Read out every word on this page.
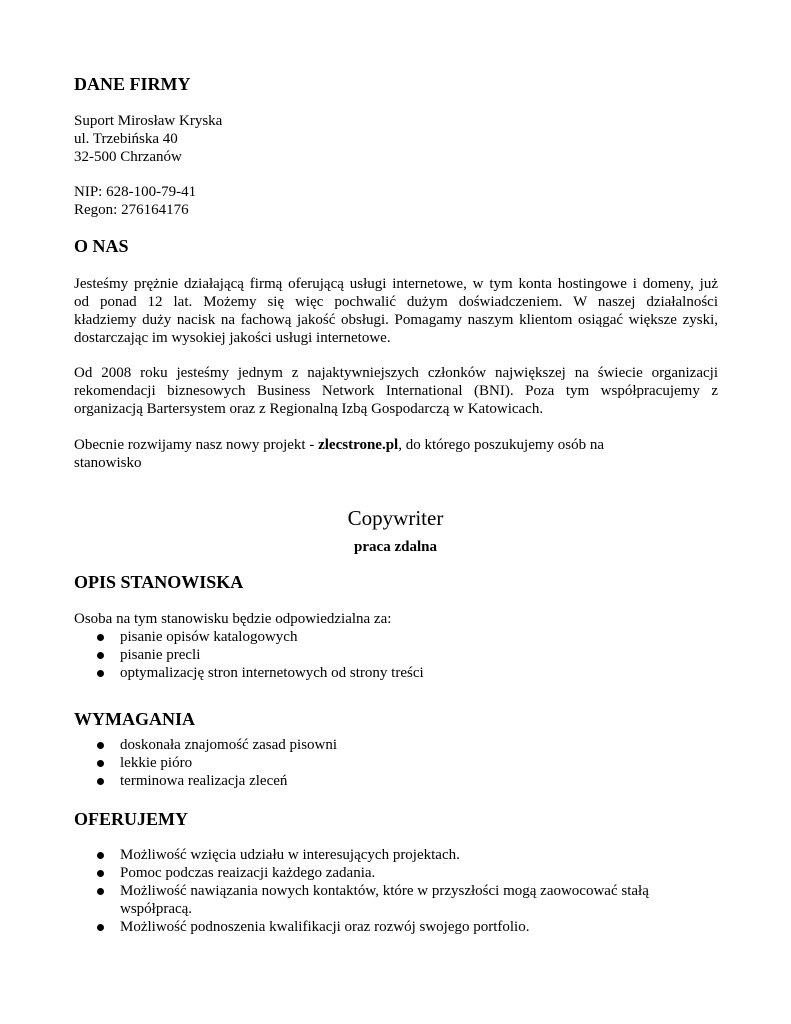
DANE FIRMY
Suport Mirosław Kryska
ul. Trzebińska 40
32-500 Chrzanów
NIP: 628-100-79-41
Regon: 276164176
O NAS
Jesteśmy prężnie działającą firmą oferującą usługi internetowe, w tym konta hostingowe i domeny, już
od ponad 12 lat. Możemy się więc pochwalić dużym doświadczeniem. W naszej działalności
kładziemy duży nacisk na fachową jakość obsługi. Pomagamy naszym klientom osiągać większe zyski,
dostarczając im wysokiej jakości usługi internetowe.
Od 2008 roku jesteśmy jednym z najaktywniejszych członków największej na świecie organizacji
rekomendacji biznesowych Business Network International (BNI). Poza tym współpracujemy z
organizacją Bartersystem oraz z Regionalną Izbą Gospodarczą w Katowicach.
Obecnie rozwijamy nasz nowy projekt - zlecstrone.pl, do którego poszukujemy osób na
stanowisko
Copywriter
praca zdalna
OPIS STANOWISKA
Osoba na tym stanowisku będzie odpowiedzialna za:
pisanie opisów katalogowych
pisanie precli
optymalizację stron internetowych od strony treści
WYMAGANIA
doskonała znajomość zasad pisowni
lekkie pióro
terminowa realizacja zleceń
OFERUJEMY
Możliwość wzięcia udziału w interesujących projektach.
Pomoc podczas reaizacji każdego zadania.
Możliwość nawiązania nowych kontaktów, które w przyszłości mogą zaowocować stałą współpracą.
Możliwość podnoszenia kwalifikacji oraz rozwój swojego portfolio.
